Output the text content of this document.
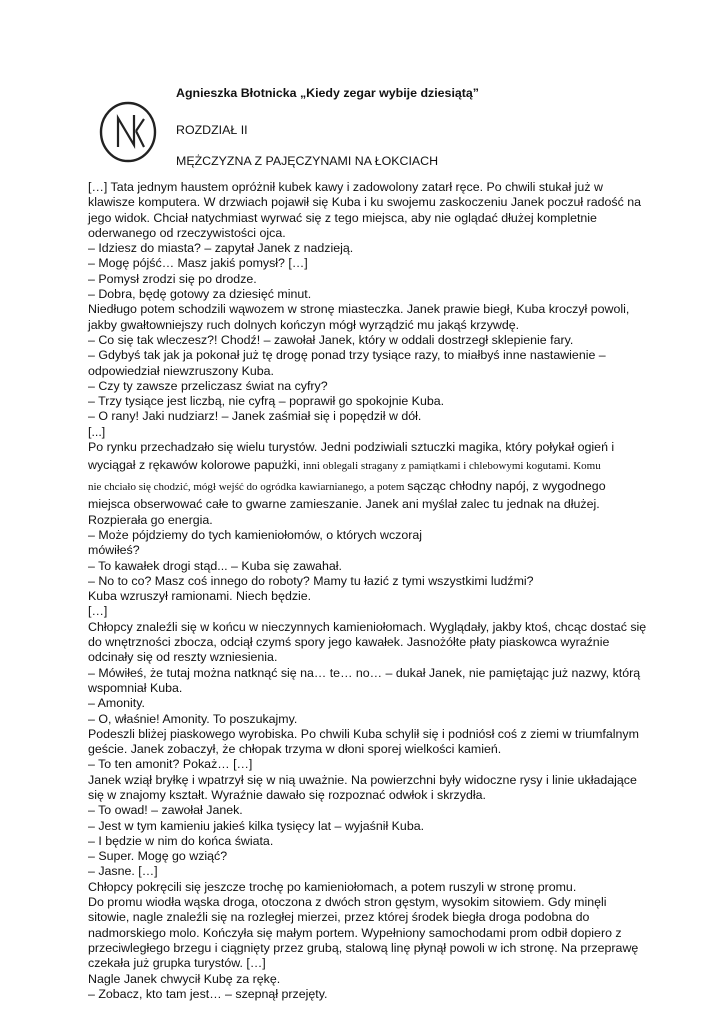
Agnieszka Błotnicka „Kiedy zegar wybije dziesiątą”
ROZDZIAŁ II
MĘŻCZYZNA Z PAJĘCZYNAMI NA ŁOKCIACH
[…] Tata jednym haustem opróżnił kubek kawy i zadowolony zatarł ręce. Po chwili stukał już w
klawisze komputera. W drzwiach pojawił się Kuba i ku swojemu zaskoczeniu Janek poczuł radość na
jego widok. Chciał natychmiast wyrwać się z tego miejsca, aby nie oglądać dłużej kompletnie
oderwanego od rzeczywistości ojca.
– Idziesz do miasta? – zapytał Janek z nadzieją.
– Mogę pójść… Masz jakiś pomysł? […]
– Pomysł zrodzi się po drodze.
– Dobra, będę gotowy za dziesięć minut.
Niedługo potem schodzili wąwozem w stronę miasteczka. Janek prawie biegł, Kuba kroczył powoli,
jakby gwałtowniejszy ruch dolnych kończyn mógł wyrządzić mu jakąś krzywdę.
– Co się tak wleczesz?! Chodź! – zawołał Janek, który w oddali dostrzegł sklepienie fary.
– Gdybyś tak jak ja pokonał już tę drogę ponad trzy tysiące razy, to miałbyś inne nastawienie –
odpowiedział niewzruszony Kuba.
– Czy ty zawsze przeliczasz świat na cyfry?
– Trzy tysiące jest liczbą, nie cyfrą – poprawił go spokojnie Kuba.
– O rany! Jaki nudziarz! – Janek zaśmiał się i popędził w dół.
[...]
Po rynku przechadzało się wielu turystów. Jedni podziwiali sztuczki magika, który połykał ogień i
wyciągał z rękawów kolorowe papużki, inni oblegali stragany z pamiątkami i chlebowymi kogutami. Komu
nie chciało się chodzić, mógł wejść do ogródka kawiarnianego, a potem sącząc chłodny napój, z wygodnego
miejsca obserwować całe to gwarne zamieszanie. Janek ani myślał zalec tu jednak na dłużej.
Rozpierała go energia.
– Może pójdziemy do tych kamieniołomów, o których wczoraj
mówiłeś?
– To kawałek drogi stąd... – Kuba się zawahał.
– No to co? Masz coś innego do roboty? Mamy tu łazić z tymi wszystkimi ludźmi?
Kuba wzruszył ramionami. Niech będzie.
[…]
Chłopcy znaleźli się w końcu w nieczynnych kamieniołomach. Wyglądały, jakby ktoś, chcąc dostać się
do wnętrzności zbocza, odciął czymś spory jego kawałek. Jasnożółte płaty piaskowca wyraźnie
odcinały się od reszty wzniesienia.
– Mówiłeś, że tutaj można natknąć się na… te… no… – dukał Janek, nie pamiętając już nazwy, którą
wspomniał Kuba.
– Amonity.
– O, właśnie! Amonity. To poszukajmy.
Podeszli bliżej piaskowego wyrobiska. Po chwili Kuba schylił się i podniósł coś z ziemi w triumfalnym
geście. Janek zobaczył, że chłopak trzyma w dłoni sporej wielkości kamień.
– To ten amonit? Pokaż… […]
Janek wziął bryłkę i wpatrzył się w nią uważnie. Na powierzchni były widoczne rysy i linie układające
się w znajomy kształt. Wyraźnie dawało się rozpoznać odwłok i skrzydła.
– To owad! – zawołał Janek.
– Jest w tym kamieniu jakieś kilka tysięcy lat – wyjaśnił Kuba.
– I będzie w nim do końca świata.
– Super. Mogę go wziąć?
– Jasne. […]
Chłopcy pokręcili się jeszcze trochę po kamieniołomach, a potem ruszyli w stronę promu.
Do promu wiodła wąska droga, otoczona z dwóch stron gęstym, wysokim sitowiem. Gdy minęli
sitowie, nagle znaleźli się na rozległej mierzei, przez której środek biegła droga podobna do
nadmorskiego molo. Kończyła się małym portem. Wypełniony samochodami prom odbił dopiero z
przeciwległego brzegu i ciągnięty przez grubą, stalową linę płynął powoli w ich stronę. Na przeprawę
czekała już grupka turystów. […]
Nagle Janek chwycił Kubę za rękę.
– Zobacz, kto tam jest… – szepnął przejęty.
